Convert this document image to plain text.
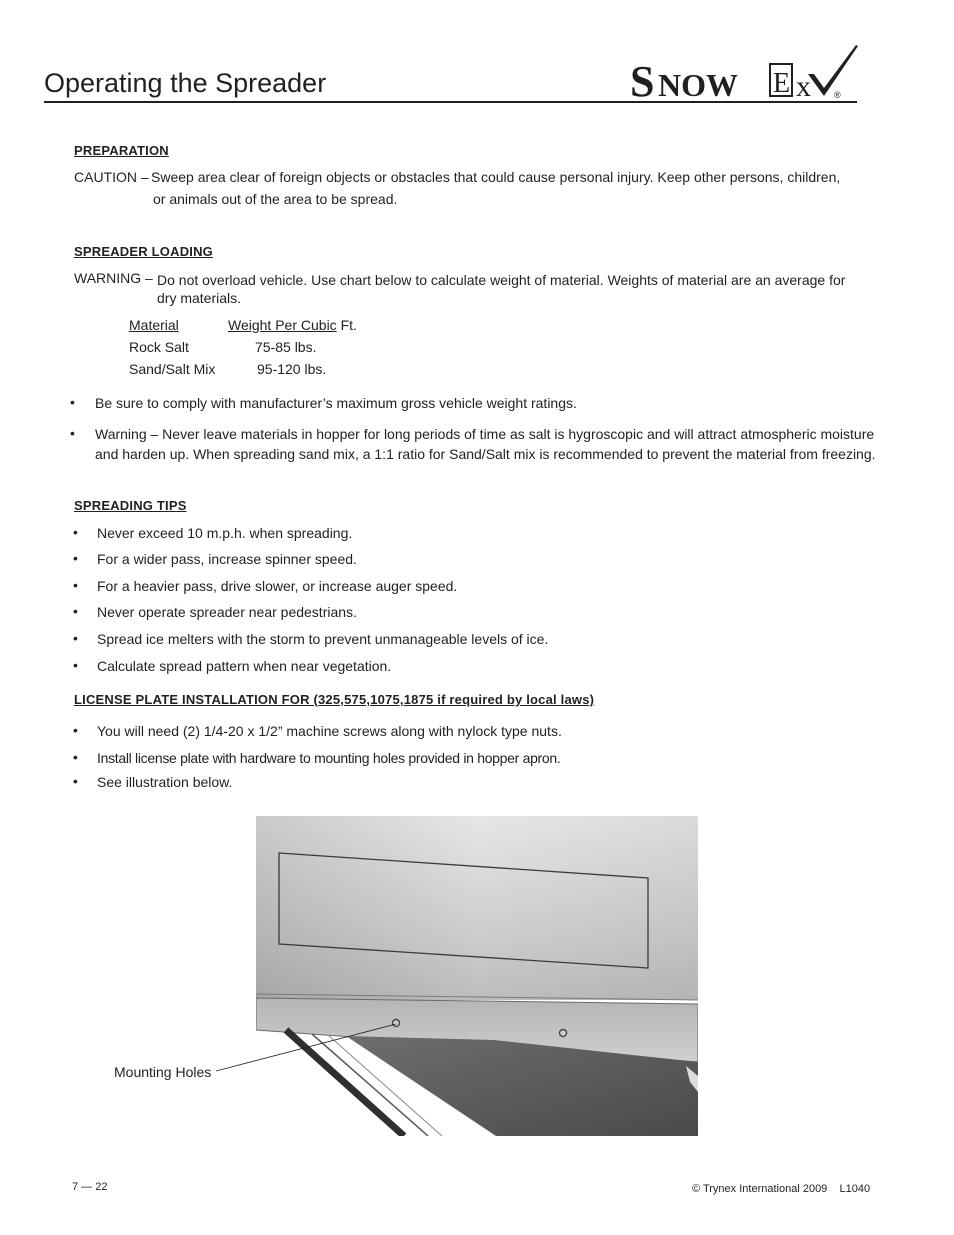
Operating the Spreader	S NOW E x	®
PREPARATION
CAUTION – Sweep area clear of foreign objects or obstacles that could cause personal injury. Keep other persons, children,
or animals out of the area to be spread.
SPREADER LOADING
WARNING – Do not overload vehicle. Use chart below to calculate weight of material. Weights of material are an average for
dry materials.
Material	Weight Per Cubic Ft.
Rock Salt	75-85 lbs.
Sand/Salt Mix	95-120 lbs.
• Be sure to comply with manufacturer’s maximum gross vehicle weight ratings.
• Warning – Never leave materials in hopper for long periods of time as salt is hygroscopic and will attract atmospheric moisture and harden up. When spreading sand mix, a 1:1 ratio for Sand/Salt mix is recommended to prevent the material from freezing.
SPREADING TIPS
• Never exceed 10 m.p.h. when spreading.
• For a wider pass, increase spinner speed.
• For a heavier pass, drive slower, or increase auger speed.
• Never operate spreader near pedestrians.
• Spread ice melters with the storm to prevent unmanageable levels of ice.
• Calculate spread pattern when near vegetation.
LICENSE PLATE INSTALLATION FOR (325,575,1075,1875 if required by local laws)
• You will need (2) 1/4-20 x 1/2” machine screws along with nylock type nuts.
• Install license plate with hardware to mounting holes provided in hopper apron.
• See illustration below.
Mounting Holes
7 — 22	© Trynex International 2009    L1040
